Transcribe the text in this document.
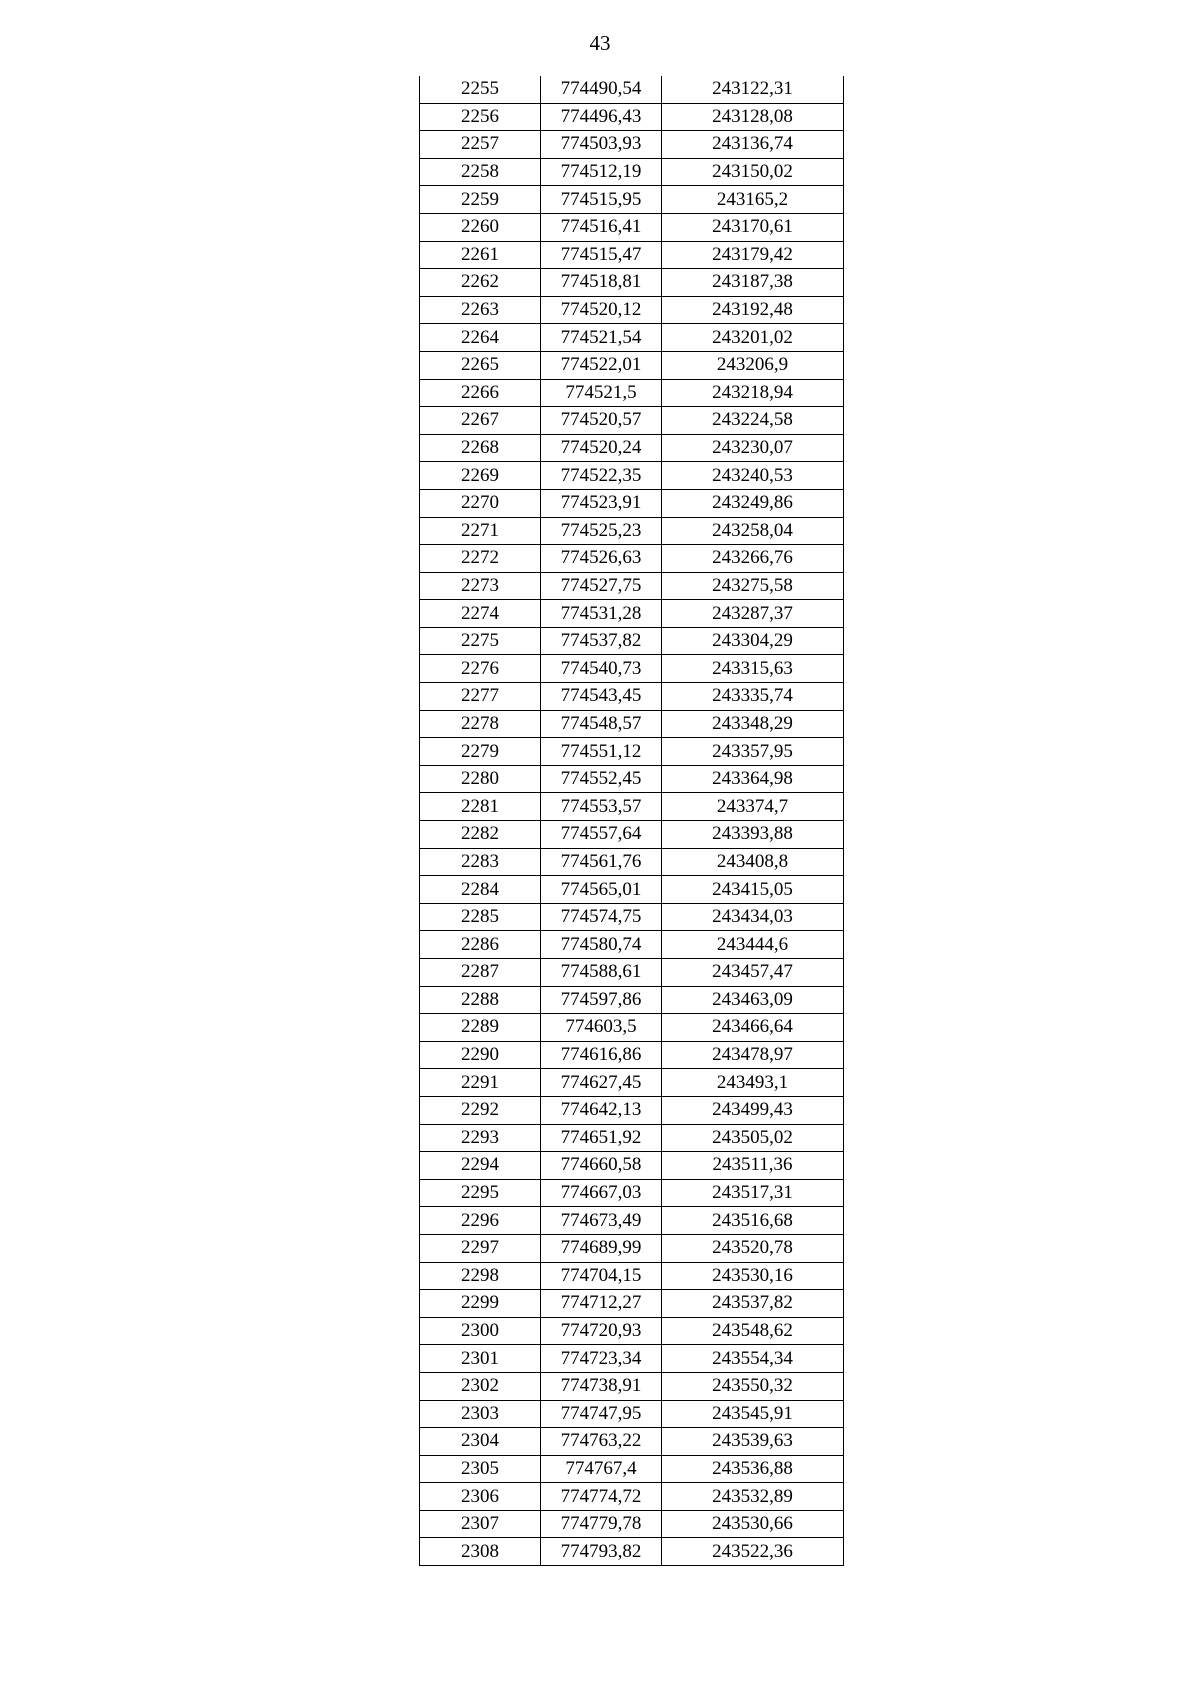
43
2255	774490,54	243122,31
2256	774496,43	243128,08
2257	774503,93	243136,74
2258	774512,19	243150,02
2259	774515,95	243165,2
2260	774516,41	243170,61
2261	774515,47	243179,42
2262	774518,81	243187,38
2263	774520,12	243192,48
2264	774521,54	243201,02
2265	774522,01	243206,9
2266	774521,5	243218,94
2267	774520,57	243224,58
2268	774520,24	243230,07
2269	774522,35	243240,53
2270	774523,91	243249,86
2271	774525,23	243258,04
2272	774526,63	243266,76
2273	774527,75	243275,58
2274	774531,28	243287,37
2275	774537,82	243304,29
2276	774540,73	243315,63
2277	774543,45	243335,74
2278	774548,57	243348,29
2279	774551,12	243357,95
2280	774552,45	243364,98
2281	774553,57	243374,7
2282	774557,64	243393,88
2283	774561,76	243408,8
2284	774565,01	243415,05
2285	774574,75	243434,03
2286	774580,74	243444,6
2287	774588,61	243457,47
2288	774597,86	243463,09
2289	774603,5	243466,64
2290	774616,86	243478,97
2291	774627,45	243493,1
2292	774642,13	243499,43
2293	774651,92	243505,02
2294	774660,58	243511,36
2295	774667,03	243517,31
2296	774673,49	243516,68
2297	774689,99	243520,78
2298	774704,15	243530,16
2299	774712,27	243537,82
2300	774720,93	243548,62
2301	774723,34	243554,34
2302	774738,91	243550,32
2303	774747,95	243545,91
2304	774763,22	243539,63
2305	774767,4	243536,88
2306	774774,72	243532,89
2307	774779,78	243530,66
2308	774793,82	243522,36
